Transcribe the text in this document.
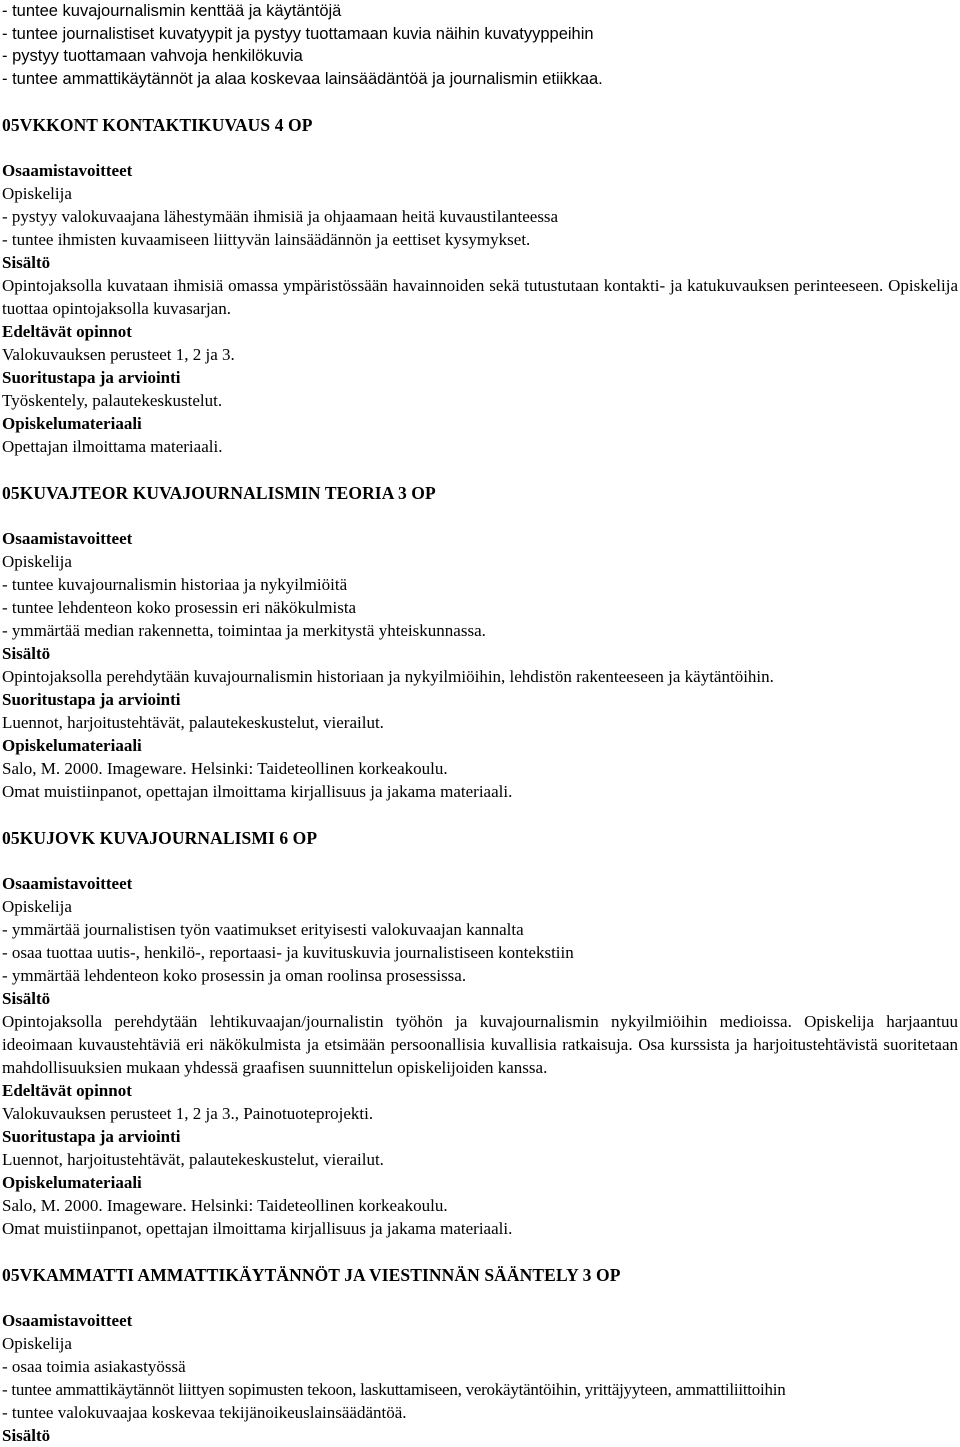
- tuntee kuvajournalismin kenttää ja käytäntöjä
- tuntee journalistiset kuvatyypit ja pystyy tuottamaan kuvia näihin kuvatyyppeihin
- pystyy tuottamaan vahvoja henkilökuvia
- tuntee ammattikäytännöt ja alaa koskevaa lainsäädäntöä ja journalismin etiikkaa.
05VKKONT KONTAKTIKUVAUS 4 OP
Osaamistavoitteet
Opiskelija
- pystyy valokuvaajana lähestymään ihmisiä ja ohjaamaan heitä kuvaustilanteessa
- tuntee ihmisten kuvaamiseen liittyvän lainsäädännön ja eettiset kysymykset.
Sisältö
Opintojaksolla kuvataan ihmisiä omassa ympäristössään havainnoiden sekä tutustutaan kontakti- ja katukuvauksen perinteeseen. Opiskelija tuottaa opintojaksolla kuvasarjan.
Edeltävät opinnot
Valokuvauksen perusteet 1, 2 ja 3.
Suoritustapa ja arviointi
Työskentely, palautekeskustelut.
Opiskelumateriaali
Opettajan ilmoittama materiaali.
05KUVAJTEOR KUVAJOURNALISMIN TEORIA 3 OP
Osaamistavoitteet
Opiskelija
- tuntee kuvajournalismin historiaa ja nykyilmiöitä
- tuntee lehdenteon koko prosessin eri näkökulmista
- ymmärtää median rakennetta, toimintaa ja merkitystä yhteiskunnassa.
Sisältö
Opintojaksolla perehdytään kuvajournalismin historiaan ja nykyilmiöihin, lehdistön rakenteeseen ja käytäntöihin.
Suoritustapa ja arviointi
Luennot, harjoitustehtävät, palautekeskustelut, vierailut.
Opiskelumateriaali
Salo, M. 2000. Imageware. Helsinki: Taideteollinen korkeakoulu.
Omat muistiinpanot, opettajan ilmoittama kirjallisuus ja jakama materiaali.
05KUJOVK KUVAJOURNALISMI 6 OP
Osaamistavoitteet
Opiskelija
- ymmärtää journalistisen työn vaatimukset erityisesti valokuvaajan kannalta
- osaa tuottaa uutis-, henkilö-, reportaasi- ja kuvituskuvia journalistiseen kontekstiin
- ymmärtää lehdenteon koko prosessin ja oman roolinsa prosessissa.
Sisältö
Opintojaksolla perehdytään lehtikuvaajan/journalistin työhön ja kuvajournalismin nykyilmiöihin medioissa. Opiskelija harjaantuu ideoimaan kuvaustehtäviä eri näkökulmista ja etsimään persoonallisia kuvallisia ratkaisuja. Osa kurssista ja harjoitustehtävistä suoritetaan mahdollisuuksien mukaan yhdessä graafisen suunnittelun opiskelijoiden kanssa.
Edeltävät opinnot
Valokuvauksen perusteet 1, 2 ja 3., Painotuoteprojekti.
Suoritustapa ja arviointi
Luennot, harjoitustehtävät, palautekeskustelut, vierailut.
Opiskelumateriaali
Salo, M. 2000. Imageware. Helsinki: Taideteollinen korkeakoulu.
Omat muistiinpanot, opettajan ilmoittama kirjallisuus ja jakama materiaali.
05VKAMMATTI AMMATTIKÄYTÄNNÖT JA VIESTINNÄN SÄÄNTELY 3 OP
Osaamistavoitteet
Opiskelija
- osaa toimia asiakastyössä
- tuntee ammattikäytännöt liittyen sopimusten tekoon, laskuttamiseen, verokäytäntöihin, yrittäjyyteen, ammattiliittoihin
- tuntee valokuvaajaa koskevaa tekijänoikeuslainsäädäntöä.
Sisältö
